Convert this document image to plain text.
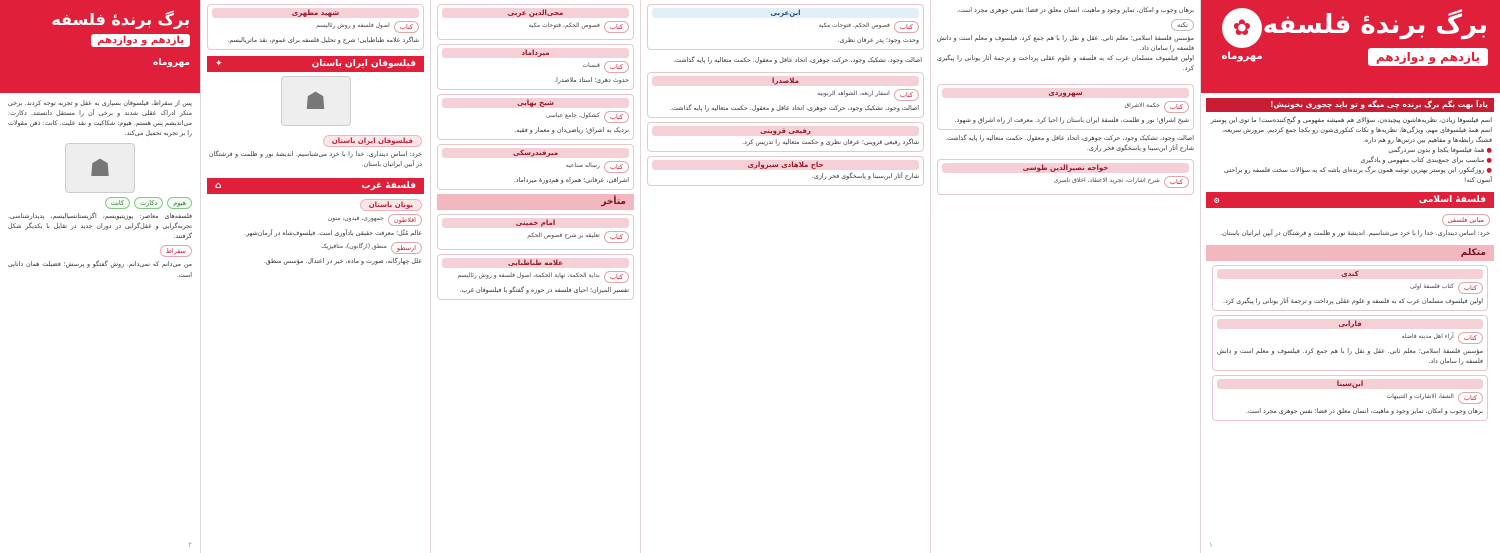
برگ برندهٔ فلسفه
یازدهم و دوازدهم
✿
مهروماه
یادآ بهت بگم برگ برنده چی میگه و تو باید چجوری بخونیش!
اسم فیلسوفا زیادن، نظریه‌هاشون پیچیده‌ن، سؤالای هم همیشه مفهومی و گیج‌کننده‌ست! ما توی این پوستر اسم همهٔ فیلسوفای مهم، ویژگی‌ها، نظریه‌ها و نکات کنکوری‌شون رو یکجا جمع کردیم. مرورش سریعه، قشنگ رابطه‌ها و مفاهیم بین درس‌ها رو هم داره.
● همهٔ فیلسوفا یکجا و بدون سردرگمی
● مناسب برای جمع‌بندی کتاب مفهومی و یادگیری
● روزکنکور، این پوستر بهترین توشه همون برگ برنده‌ای باشه که به سؤالات سخت فلسفه رو براحتی آسون کنه!
فلسفهٔ اسلامی
۞
مبانی فلسفی
خرد: اساس دینداری. خدا را با خرد می‌شناسیم. اندیشهٔ نور و ظلمت و فرشتگان در آیین ایرانیان باستان.
متکلم
کندی
کتاب
کتاب فلسفهٔ اولی
اولین فیلسوف مسلمان عرب که به فلسفه و علوم عقلی پرداخت و ترجمهٔ آثار یونانی را پیگیری کرد.
فارابی
کتاب
آراء اهل مدینه فاضله
مؤسس فلسفهٔ اسلامی؛ معلم ثانی. عقل و نقل را با هم جمع کرد. فیلسوف و معلم است و دانش فلسفه را سامان داد.
ابن‌سینا
کتاب
الشفا، الاشارات و التنبیهات
برهان وجوب و امکان، تمایز وجود و ماهیت، انسان معلق در فضا؛ نفس جوهری مجرد است.
۱
برهان وجوب و امکان، تمایز وجود و ماهیت، انسان معلق در فضا؛ نفس جوهری مجرد است.
نکته
مؤسس فلسفهٔ اسلامی؛ معلم ثانی. عقل و نقل را با هم جمع کرد. فیلسوف و معلم است و دانش فلسفه را سامان داد.
اولین فیلسوف مسلمان عرب که به فلسفه و علوم عقلی پرداخت و ترجمهٔ آثار یونانی را پیگیری کرد.
سهروردی
کتاب
حکمة الاشراق
شیخ اشراق؛ نور و ظلمت، فلسفهٔ ایران باستان را احیا کرد. معرفت از راه اشراق و شهود.
اصالت وجود، تشکیک وجود، حرکت جوهری، اتحاد عاقل و معقول. حکمت متعالیه را پایه گذاشت.
شارح آثار ابن‌سینا و پاسخگوی فخر رازی.
خواجه نصیرالدین طوسی
کتاب
شرح اشارات، تجرید الاعتقاد، اخلاق ناصری
ابن‌عربی
کتاب
فصوص الحکم، فتوحات مکیه
وحدت وجود؛ پدر عرفان نظری.
اصالت وجود، تشکیک وجود، حرکت جوهری، اتحاد عاقل و معقول. حکمت متعالیه را پایه گذاشت.
ملاصدرا
کتاب
اسفار اربعه، الشواهد الربوبیه
اصالت وجود، تشکیک وجود، حرکت جوهری، اتحاد عاقل و معقول. حکمت متعالیه را پایه گذاشت.
رفیعی قزوینی
شاگرد رفیعی قزوینی؛ عرفان نظری و حکمت متعالیه را تدریس کرد.
حاج ملاهادی سبزواری
شارح آثار ابن‌سینا و پاسخگوی فخر رازی.
محی‌الدین عربی
کتاب
فصوص الحکم، فتوحات مکیه
میرداماد
کتاب
قبسات
حدوث دهری؛ استاد ملاصدرا.
شیخ بهایی
کتاب
کشکول، جامع عباسی
نزدیک به اشراق؛ ریاضی‌دان و معمار و فقیه.
میرفندرسکی
کتاب
رساله صناعیه
اشراقی، عرفانی؛ همراه و هم‌دورهٔ میرداماد.
متأخر
امام خمینی
کتاب
تعلیقه بر شرح فصوص الحکم
علامه طباطبایی
کتاب
بدایة الحکمة، نهایة الحکمة، اصول فلسفه و روش رئالیسم
تفسیر المیزان؛ احیای فلسفه در حوزه و گفتگو با فیلسوفان غرب.
شهید مطهری
کتاب
اصول فلسفه و روش رئالیسم
شاگرد علامه طباطبایی؛ شرح و تحلیل فلسفه برای عموم، نقد ماتریالیسم.
فیلسوفان ایران باستان
✦
☗
فیلسوفان ایران باستان
خرد: اساس دینداری. خدا را با خرد می‌شناسیم. اندیشهٔ نور و ظلمت و فرشتگان در آیین ایرانیان باستان.
فلسفهٔ غرب
⌂
یونان باستان
افلاطون
جمهوری، فیدون، منون
عالم مُثُل؛ معرفت حقیقی یادآوری است. فیلسوف‌شاه در آرمان‌شهر.
ارسطو
منطق (ارگانون)، متافیزیک
علل چهارگانه، صورت و ماده، خیر در اعتدال. مؤسس منطق.
برگ برندهٔ فلسفه
یازدهم و دوازدهم
مهروماه
پس از سقراط، فیلسوفان بسیاری به عقل و تجربه توجه کردند. برخی منکر ادراک عقلی شدند و برخی آن را مستقل دانستند. دکارت: می‌اندیشم پس هستم. هیوم: شکاکیت و نقد علیت. کانت: ذهن مقولات را بر تجربه تحمیل می‌کند.
☗
هیوم
دکارت
کانت
فلسفه‌های معاصر: پوزیتیویسم، اگزیستانسیالیسم، پدیدارشناسی. تجربه‌گرایی و عقل‌گرایی در دوران جدید در تقابل با یکدیگر شکل گرفتند.
سقراط
من می‌دانم که نمی‌دانم. روش گفتگو و پرسش؛ فضیلت همان دانایی است.
۲
